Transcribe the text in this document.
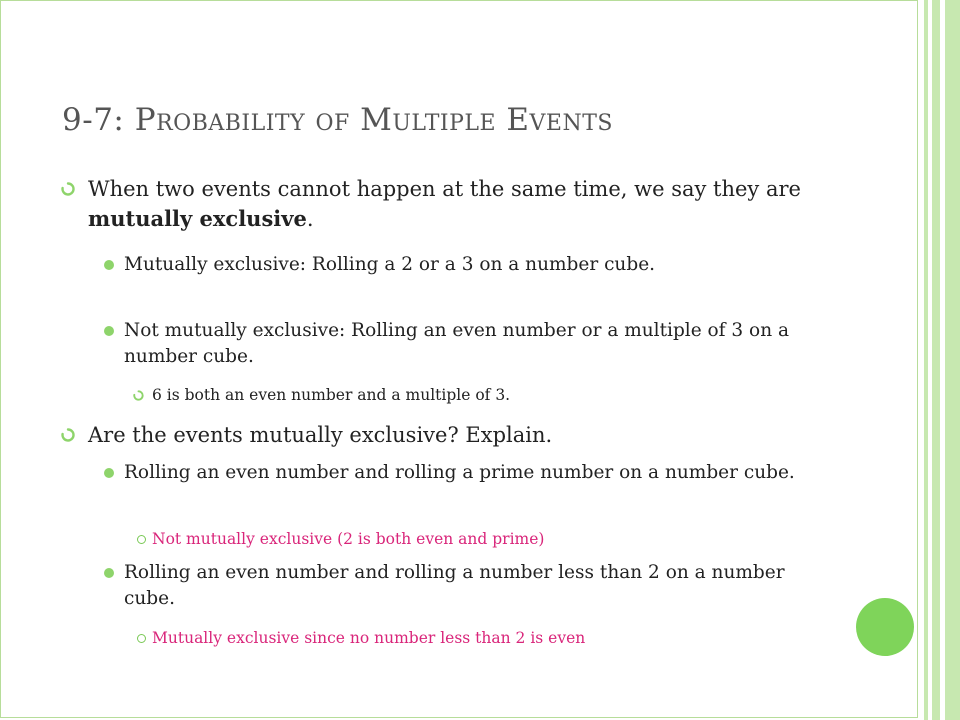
9-7: Probability of Multiple Events
When two events cannot happen at the same time, we say they are mutually exclusive.
Mutually exclusive: Rolling a 2 or a 3 on a number cube.
Not mutually exclusive: Rolling an even number or a multiple of 3 on a number cube.
6 is both an even number and a multiple of 3.
Are the events mutually exclusive? Explain.
Rolling an even number and rolling a prime number on a number cube.
Not mutually exclusive (2 is both even and prime)
Rolling an even number and rolling a number less than 2 on a number cube.
Mutually exclusive since no number less than 2 is even
